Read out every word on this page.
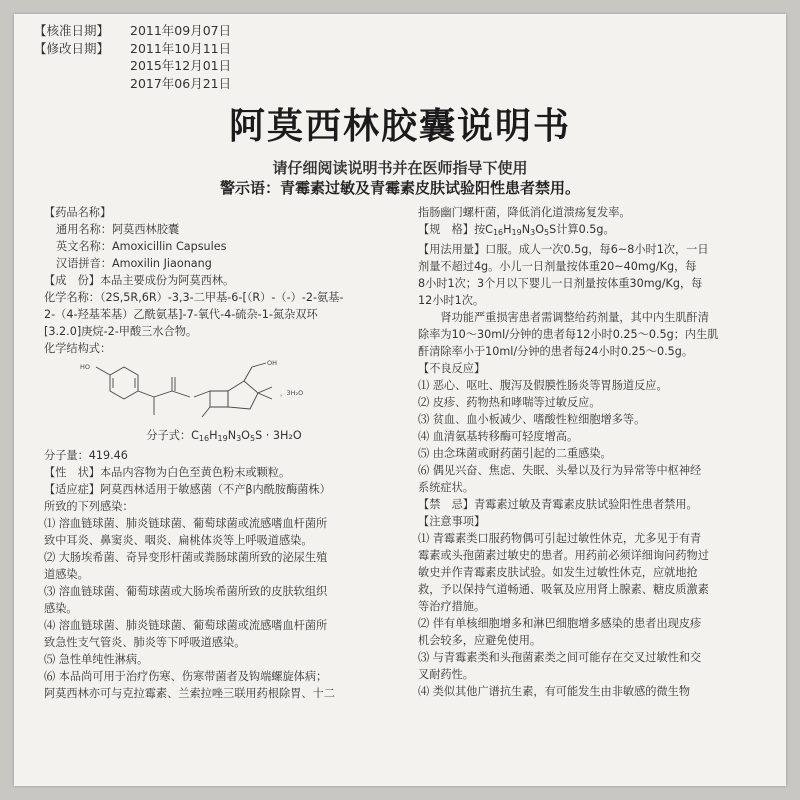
【核准日期】 2011年09月07日
【修改日期】 2011年10月11日
2015年12月01日
2017年06月21日
阿莫西林胶囊说明书
请仔细阅读说明书并在医师指导下使用
警示语：青霉素过敏及青霉素皮肤试验阳性患者禁用。

【药品名称】

通用名称：阿莫西林胶囊

英文名称：Amoxicillin Capsules

汉语拼音：Amoxilin Jiaonang

【成　份】本品主要成份为阿莫西林。

化学名称：（2S,5R,6R）-3,3-二甲基-6-[（R）-（-）-2-氨基-

2-（4-羟基苯基）乙酰氨基]-7-氧代-4-硫杂-1-氮杂双环

[3.2.0]庚烷-2-甲酸三水合物。

化学结构式：

HO	OH
，3H₂O

分子式：$C_{16}H_{19}N_3O_5S \cdot 3H_2O$

分子量：419.46

【性　状】本品内容物为白色至黄色粉末或颗粒。

【适应症】阿莫西林适用于敏感菌（不产β内酰胺酶菌株）

所致的下列感染：

⑴ 溶血链球菌、肺炎链球菌、葡萄球菌或流感嗜血杆菌所

致中耳炎、鼻窦炎、咽炎、扁桃体炎等上呼吸道感染。

⑵ 大肠埃希菌、奇异变形杆菌或粪肠球菌所致的泌尿生殖

道感染。

⑶ 溶血链球菌、葡萄球菌或大肠埃希菌所致的皮肤软组织

感染。

⑷ 溶血链球菌、肺炎链球菌、葡萄球菌或流感嗜血杆菌所

致急性支气管炎、肺炎等下呼吸道感染。

⑸ 急性单纯性淋病。

⑹ 本品尚可用于治疗伤寒、伤寒带菌者及钩端螺旋体病；

阿莫西林亦可与克拉霉素、兰索拉唑三联用药根除胃、十二

指肠幽门螺杆菌，降低消化道溃疡复发率。

【规　格】按$C_{16}H_{19}N_3O_5S$计算0.5g。

【用法用量】口服。成人一次0.5g，每6~8小时1次，一日

剂量不超过4g。小儿一日剂量按体重20~40mg/Kg，每

8小时1次；3个月以下婴儿一日剂量按体重30mg/Kg，每

12小时1次。

　　肾功能严重损害患者需调整给药剂量，其中内生肌酐清

除率为10～30ml/分钟的患者每12小时0.25～0.5g；内生肌

酐清除率小于10ml/分钟的患者每24小时0.25～0.5g。

【不良反应】

⑴ 恶心、呕吐、腹泻及假膜性肠炎等胃肠道反应。

⑵ 皮疹、药物热和哮喘等过敏反应。

⑶ 贫血、血小板减少、嗜酸性粒细胞增多等。

⑷ 血清氨基转移酶可轻度增高。

⑸ 由念珠菌或耐药菌引起的二重感染。

⑹ 偶见兴奋、焦虑、失眠、头晕以及行为异常等中枢神经

系统症状。

【禁　忌】青霉素过敏及青霉素皮肤试验阳性患者禁用。

【注意事项】

⑴ 青霉素类口服药物偶可引起过敏性休克，尤多见于有青

霉素或头孢菌素过敏史的患者。用药前必须详细询问药物过

敏史并作青霉素皮肤试验。如发生过敏性休克，应就地抢

救，予以保持气道畅通、吸氧及应用肾上腺素、糖皮质激素

等治疗措施。

⑵ 伴有单核细胞增多和淋巴细胞增多感染的患者出现皮疹

机会较多，应避免使用。

⑶ 与青霉素类和头孢菌素类之间可能存在交叉过敏性和交

叉耐药性。

⑷ 类似其他广谱抗生素，有可能发生由非敏感的微生物
